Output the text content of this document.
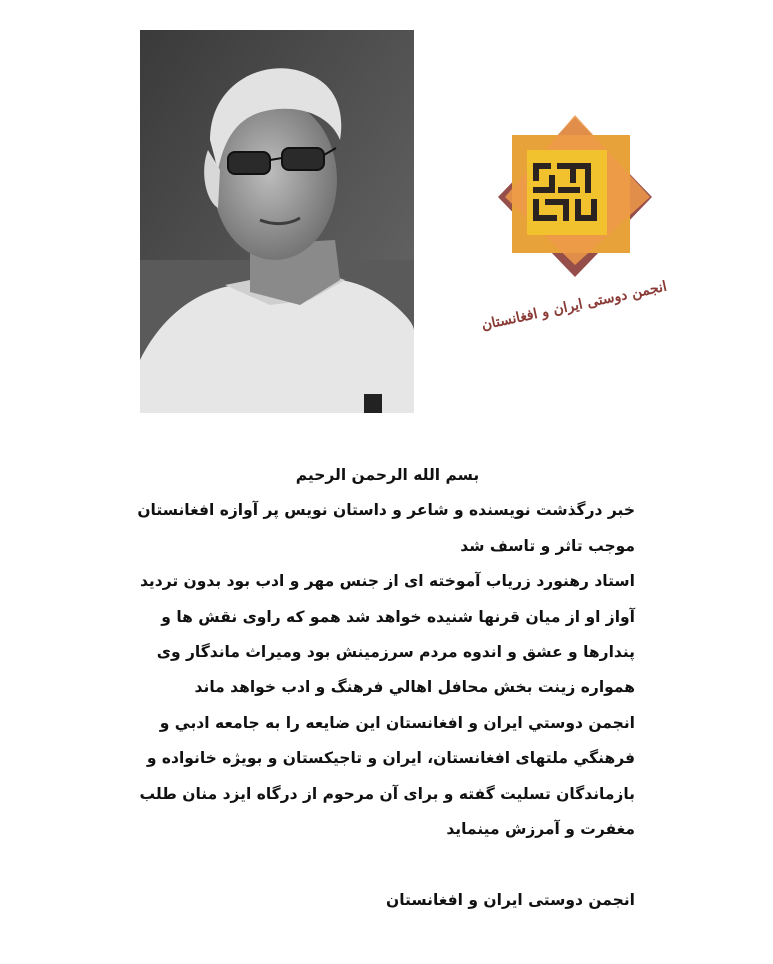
انجمن دوستی ایران و افغانستان
بسم الله الرحمن الرحیم
خبر درگذشت نویسنده و شاعر و داستان نویس پر آوازه افغانستان
موجب تاثر و تاسف شد
استاد رهنورد زریاب آموخته ای از جنس مهر و ادب بود بدون تردید
آواز او از میان قرنها شنیده خواهد شد همو که راوی نقش ها و
پندارها و عشق و اندوه مردم سرزمینش بود ومیراث ماندگار وی
همواره زینت بخش محافل اهالي فرهنگ و ادب خواهد ماند
انجمن دوستي ایران و افغانستان این ضایعه را به جامعه ادبي و
فرهنگي ملتهای افغانستان، ایران و تاجیکستان و بویژه خانواده و
بازماندگان تسلیت گفته و برای آن مرحوم از درگاه ایزد منان طلب
مغفرت و آمرزش مینماید
انجمن دوستی ایران و افغانستان
